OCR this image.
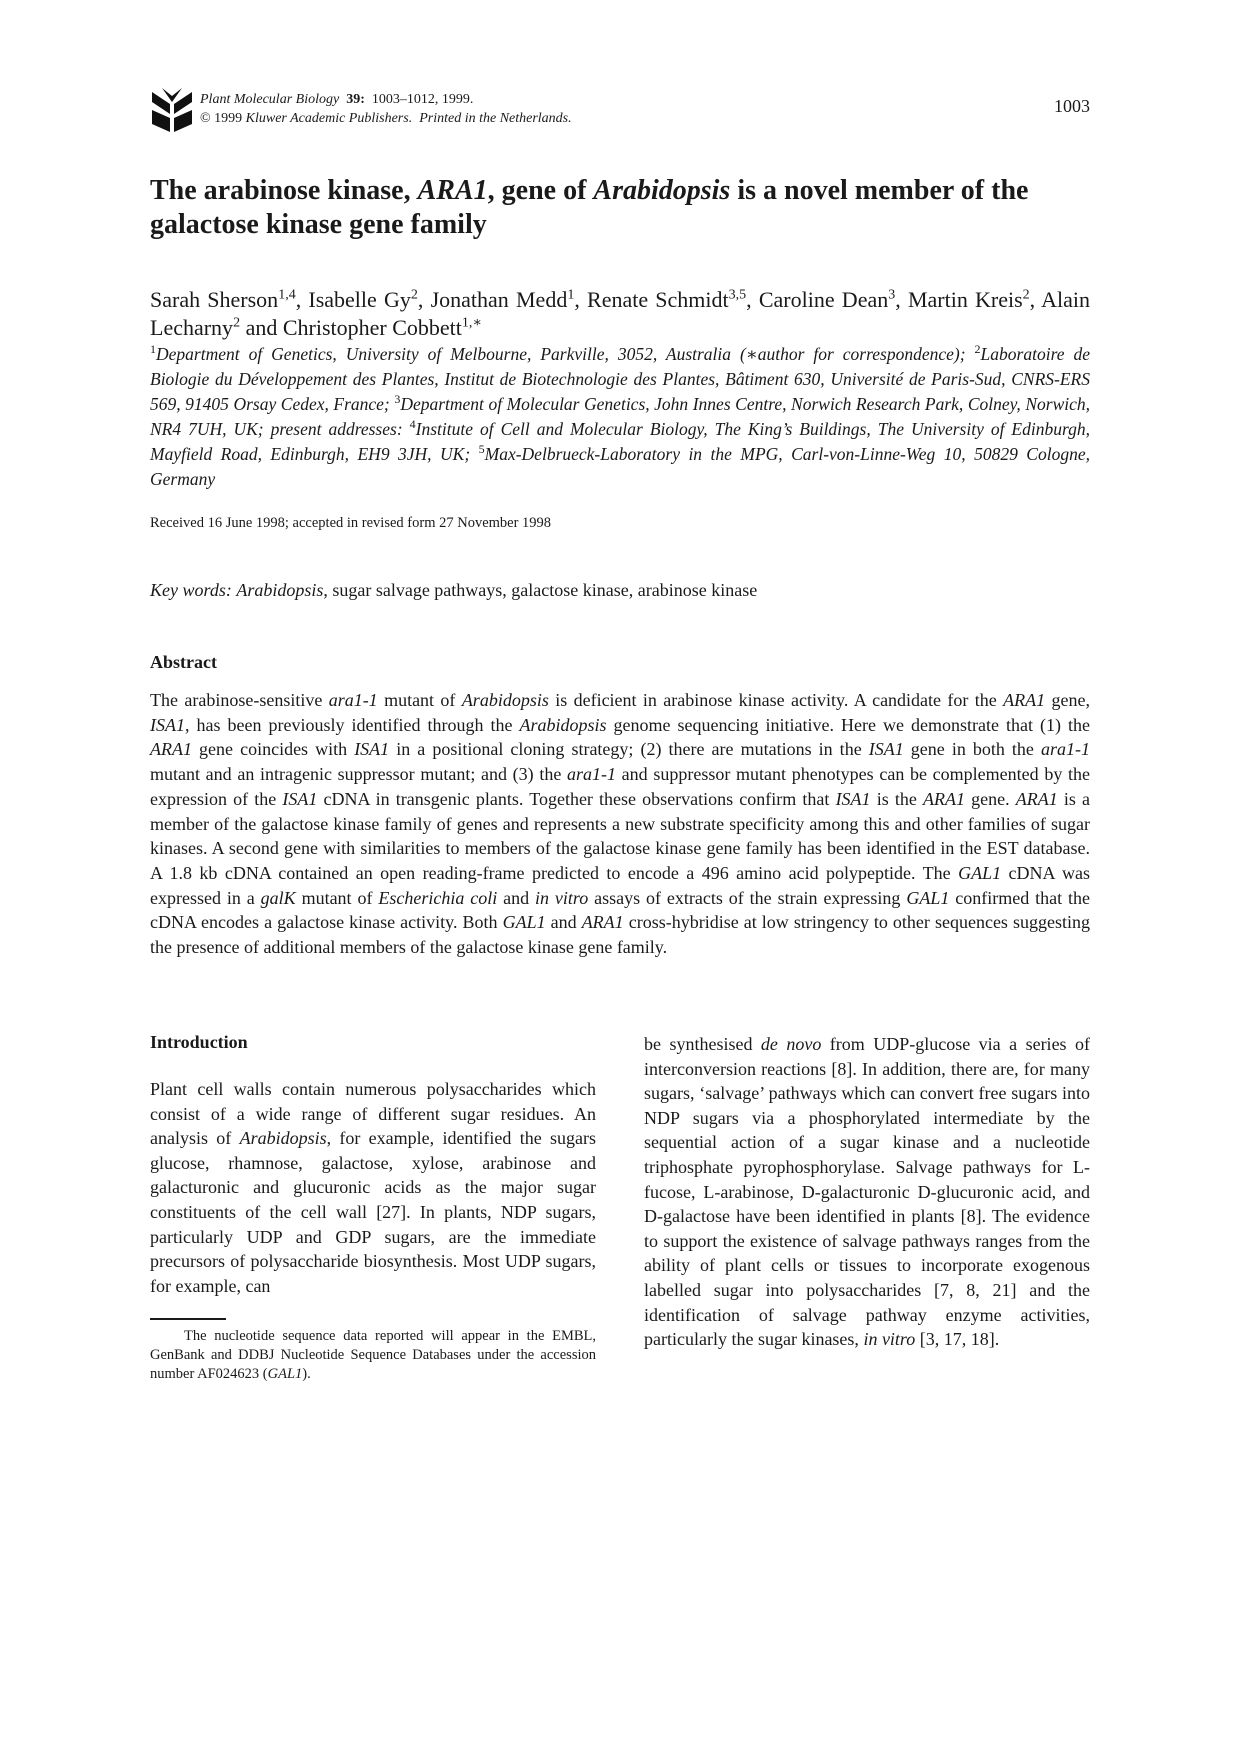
Plant Molecular Biology 39: 1003–1012, 1999.
© 1999 Kluwer Academic Publishers. Printed in the Netherlands.
1003
The arabinose kinase, ARA1, gene of Arabidopsis is a novel member of the galactose kinase gene family
Sarah Sherson$^{1,4}$, Isabelle Gy$^2$, Jonathan Medd$^1$, Renate Schmidt$^{3,5}$, Caroline Dean$^3$, Martin Kreis$^2$, Alain Lecharny$^2$ and Christopher Cobbett$^{1,∗}$
$^1$Department of Genetics, University of Melbourne, Parkville, 3052, Australia (∗author for correspondence); $^2$Laboratoire de Biologie du Développement des Plantes, Institut de Biotechnologie des Plantes, Bâtiment 630, Université de Paris-Sud, CNRS-ERS 569, 91405 Orsay Cedex, France; $^3$Department of Molecular Genetics, John Innes Centre, Norwich Research Park, Colney, Norwich, NR4 7UH, UK; present addresses: $^4$Institute of Cell and Molecular Biology, The King’s Buildings, The University of Edinburgh, Mayfield Road, Edinburgh, EH9 3JH, UK; $^5$Max-Delbrueck-Laboratory in the MPG, Carl-von-Linne-Weg 10, 50829 Cologne, Germany
Received 16 June 1998; accepted in revised form 27 November 1998
Key words: Arabidopsis, sugar salvage pathways, galactose kinase, arabinose kinase
Abstract
The arabinose-sensitive ara1-1 mutant of Arabidopsis is deficient in arabinose kinase activity. A candidate for the ARA1 gene, ISA1, has been previously identified through the Arabidopsis genome sequencing initiative. Here we demonstrate that (1) the ARA1 gene coincides with ISA1 in a positional cloning strategy; (2) there are mutations in the ISA1 gene in both the ara1-1 mutant and an intragenic suppressor mutant; and (3) the ara1-1 and suppressor mutant phenotypes can be complemented by the expression of the ISA1 cDNA in transgenic plants. Together these observations confirm that ISA1 is the ARA1 gene. ARA1 is a member of the galactose kinase family of genes and represents a new substrate specificity among this and other families of sugar kinases. A second gene with similarities to members of the galactose kinase gene family has been identified in the EST database. A 1.8 kb cDNA contained an open reading-frame predicted to encode a 496 amino acid polypeptide. The GAL1 cDNA was expressed in a galK mutant of Escherichia coli and in vitro assays of extracts of the strain expressing GAL1 confirmed that the cDNA encodes a galactose kinase activity. Both GAL1 and ARA1 cross-hybridise at low stringency to other sequences suggesting the presence of additional members of the galactose kinase gene family.
Introduction

Plant cell walls contain numerous polysaccharides which consist of a wide range of different sugar residues. An analysis of Arabidopsis, for example, identified the sugars glucose, rhamnose, galactose, xylose, arabinose and galacturonic and glucuronic acids as the major sugar constituents of the cell wall [27]. In plants, NDP sugars, particularly UDP and GDP sugars, are the immediate precursors of polysaccharide biosynthesis. Most UDP sugars, for example, can

be synthesised de novo from UDP-glucose via a series of interconversion reactions [8]. In addition, there are, for many sugars, ‘salvage’ pathways which can convert free sugars into NDP sugars via a phosphorylated intermediate by the sequential action of a sugar kinase and a nucleotide triphosphate pyrophosphorylase. Salvage pathways for L-fucose, L-arabinose, D-galacturonic D-glucuronic acid, and D-galactose have been identified in plants [8]. The evidence to support the existence of salvage pathways ranges from the ability of plant cells or tissues to incorporate exogenous labelled sugar into polysaccharides [7, 8, 21] and the identification of salvage pathway enzyme activities, particularly the sugar kinases, in vitro [3, 17, 18].
The nucleotide sequence data reported will appear in the EMBL, GenBank and DDBJ Nucleotide Sequence Databases under the accession number AF024623 (GAL1).
